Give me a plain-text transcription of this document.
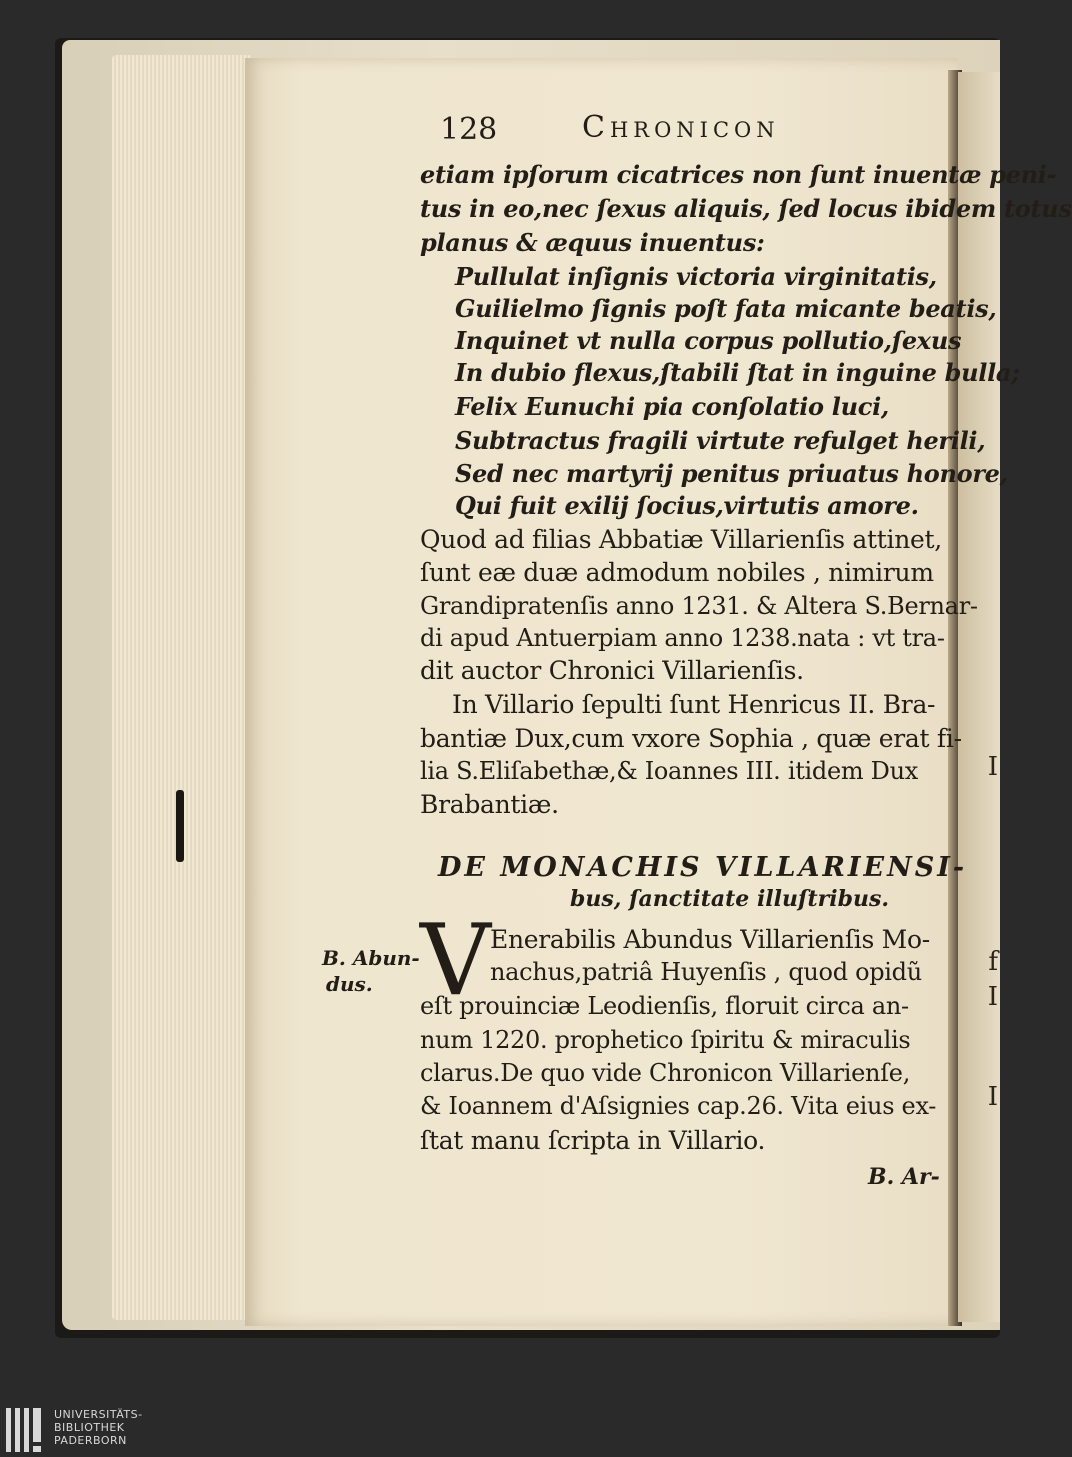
I
f
I
I
128	Chronicon
etiam ipſorum cicatrices non ſunt inuentæ peni-
tus in eo,nec ſexus aliquis, ſed locus ibidem totus
planus & æquus inuentus:
Pullulat inſignis victoria virginitatis,
Guilielmo ſignis poſt fata micante beatis,
Inquinet vt nulla corpus pollutio,ſexus
In dubio flexus,ſtabili ſtat in inguine bulla;
Felix Eunuchi pia conſolatio luci,
Subtractus fragili virtute refulget herili,
Sed nec martyrij penitus priuatus honore,
Qui fuit exilij ſocius,virtutis amore.
Quod ad filias Abbatiæ Villarienſis attinet,
ſunt eæ duæ admodum nobiles , nimirum
Grandipratenſis anno 1231. & Altera S.Bernar-
di apud Antuerpiam anno 1238.nata : vt tra-
dit auctor Chronici Villarienſis.
In Villario ſepulti ſunt Henricus II. Bra-
bantiæ Dux,cum vxore Sophia , quæ erat fi-
lia S.Eliſabethæ,& Ioannes III. itidem Dux
Brabantiæ.
DE MONACHIS VILLARIENSI-
bus, ſanctitate illuſtribus.
B. Abun-
dus. V Enerabilis Abundus Villarienſis Mo-
nachus,patriâ Huyenſis , quod opidũ
eſt prouinciæ Leodienſis, floruit circa an-
num 1220. prophetico ſpiritu & miraculis
clarus.De quo vide Chronicon Villarienſe,
& Ioannem d'Aſsignies cap.26. Vita eius ex-
ſtat manu ſcripta in Villario.
B. Ar-
UNIVERSITÄTS-
BIBLIOTHEK
PADERBORN
